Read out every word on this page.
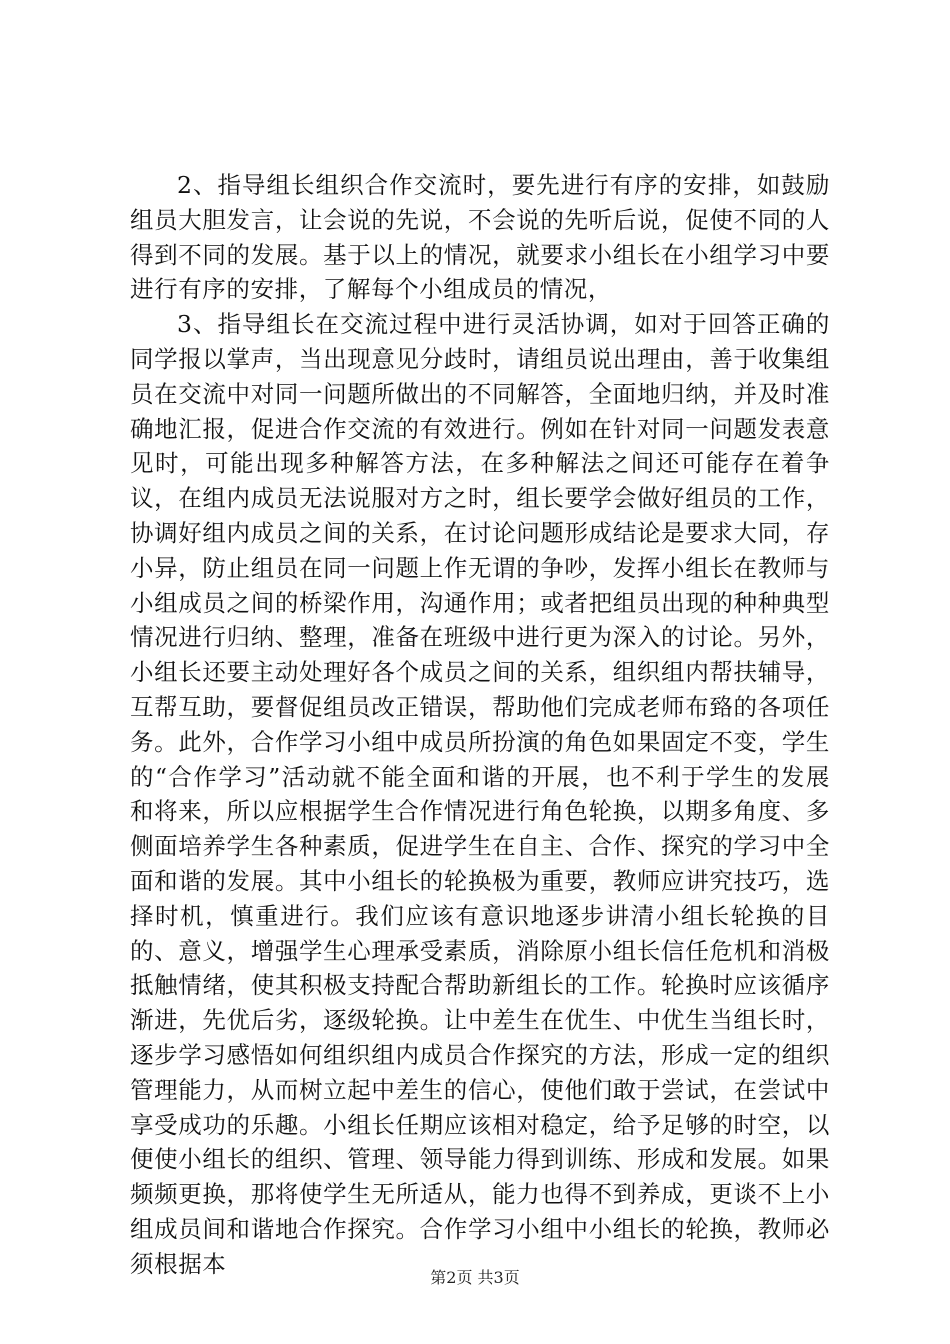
2、指导组长组织合作交流时，要先进行有序的安排，如鼓励组员大胆发言，让会说的先说，不会说的先听后说，促使不同的人得到不同的发展。基于以上的情况，就要求小组长在小组学习中要进行有序的安排，了解每个小组成员的情况，

3、指导组长在交流过程中进行灵活协调，如对于回答正确的同学报以掌声，当出现意见分歧时，请组员说出理由，善于收集组员在交流中对同一问题所做出的不同解答，全面地归纳，并及时准确地汇报，促进合作交流的有效进行。例如在针对同一问题发表意见时，可能出现多种解答方法，在多种解法之间还可能存在着争议，在组内成员无法说服对方之时，组长要学会做好组员的工作，协调好组内成员之间的关系，在讨论问题形成结论是要求大同，存小异，防止组员在同一问题上作无谓的争吵，发挥小组长在教师与小组成员之间的桥梁作用，沟通作用；或者把组员出现的种种典型情况进行归纳、整理，准备在班级中进行更为深入的讨论。另外，小组长还要主动处理好各个成员之间的关系，组织组内帮扶辅导，互帮互助，要督促组员改正错误，帮助他们完成老师布臵的各项任务。此外，合作学习小组中成员所扮演的角色如果固定不变，学生的“合作学习”活动就不能全面和谐的开展，也不利于学生的发展和将来，所以应根据学生合作情况进行角色轮换，以期多角度、多侧面培养学生各种素质，促进学生在自主、合作、探究的学习中全面和谐的发展。其中小组长的轮换极为重要，教师应讲究技巧，选择时机，慎重进行。我们应该有意识地逐步讲清小组长轮换的目的、意义，增强学生心理承受素质，消除原小组长信任危机和消极抵触情绪，使其积极支持配合帮助新组长的工作。轮换时应该循序渐进，先优后劣，逐级轮换。让中差生在优生、中优生当组长时，逐步学习感悟如何组织组内成员合作探究的方法，形成一定的组织管理能力，从而树立起中差生的信心，使他们敢于尝试，在尝试中享受成功的乐趣。小组长任期应该相对稳定，给予足够的时空，以便使小组长的组织、管理、领导能力得到训练、形成和发展。如果频频更换，那将使学生无所适从，能力也得不到养成，更谈不上小组成员间和谐地合作探究。合作学习小组中小组长的轮换，教师必须根据本	第2页 共3页
